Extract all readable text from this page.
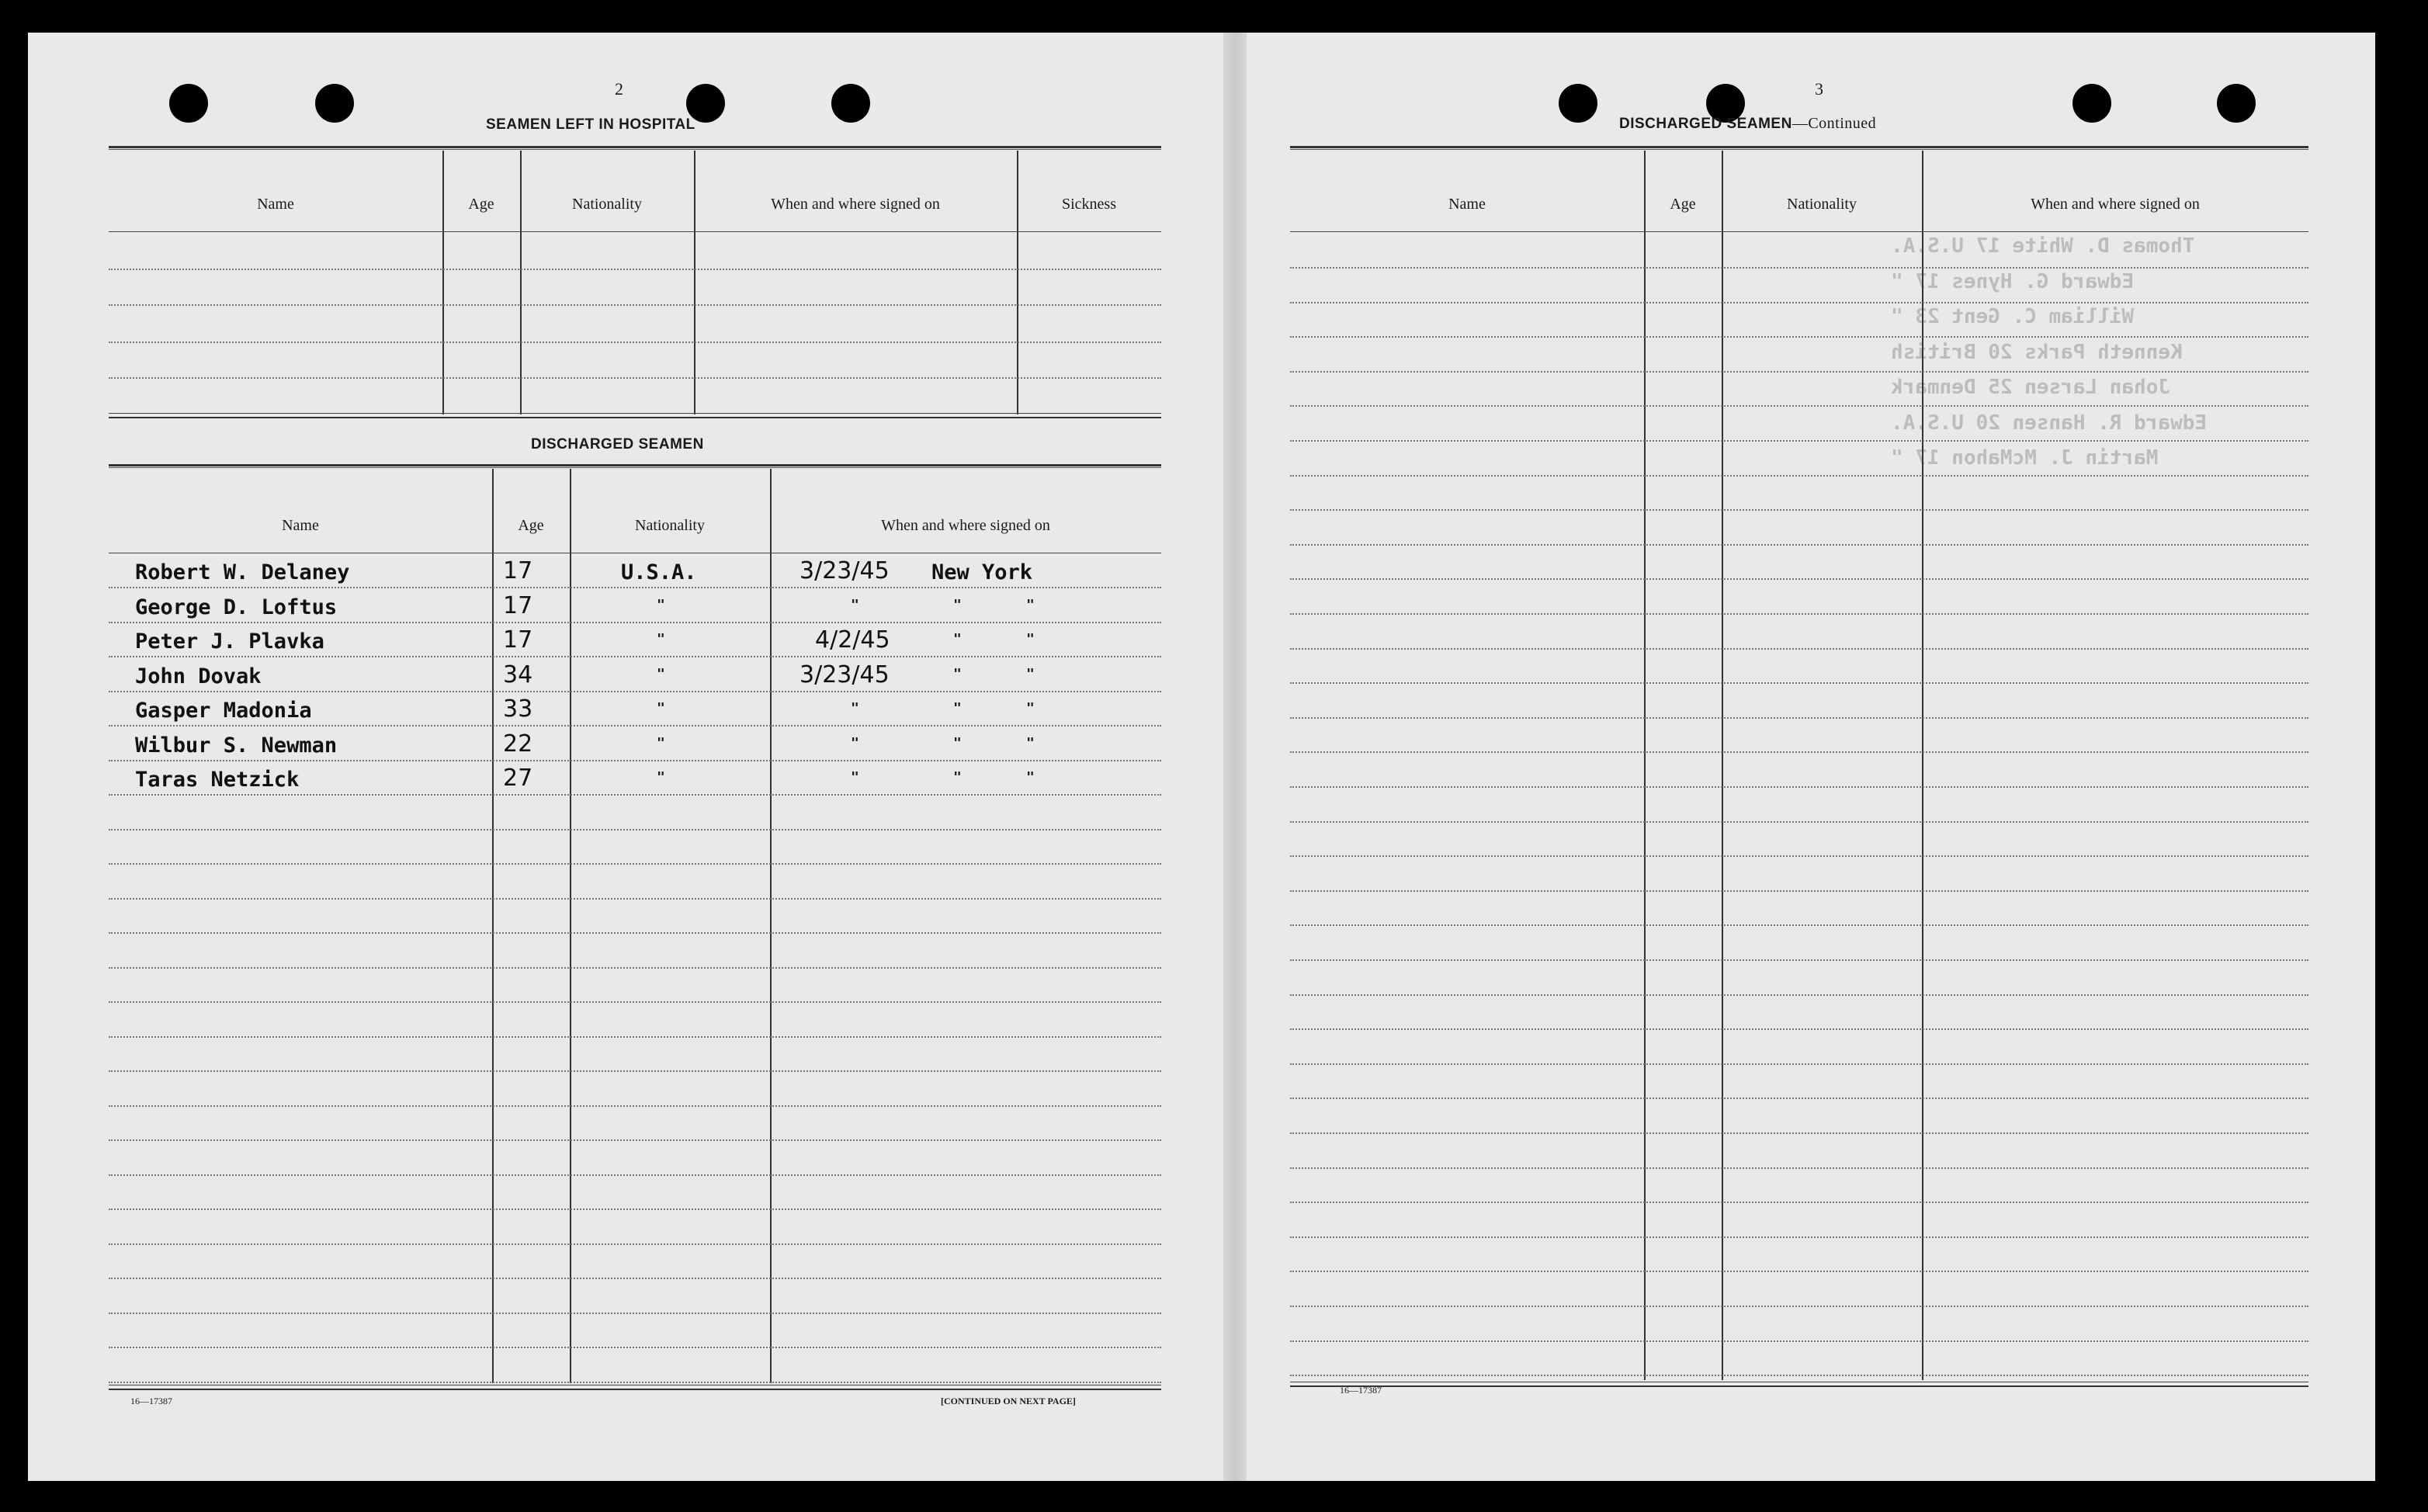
2
SEAMEN LEFT IN HOSPITAL
Name	Age	Nationality	When and where signed on	Sickness
DISCHARGED SEAMEN
Name	Age	Nationality	When and where signed on
Robert W. Delaney	17	U.S.A.	3/23/45 New York
George D. Loftus	17	"	"	"	"
Peter J. Plavka	17	"	4/2/45	"	"
John Dovak	34	"	3/23/45	"	"
Gasper Madonia	33	"	"	"	"
Wilbur S. Newman	22	"	"	"	"
Taras Netzick	27	"	"	"	"
16—17387	[CONTINUED ON NEXT PAGE]
3
DISCHARGED SEAMEN—Continued
Thomas D. White 17 U.S.A.
Edward G. Hynes 17 "
William C. Gent 23 "
Kenneth Parks 20 British
Johan Larsen 25 Denmark
Edward R. Hansen 20 U.S.A.
Martin J. McMahon 17 "
Name	Age	Nationality	When and where signed on
16—17387
